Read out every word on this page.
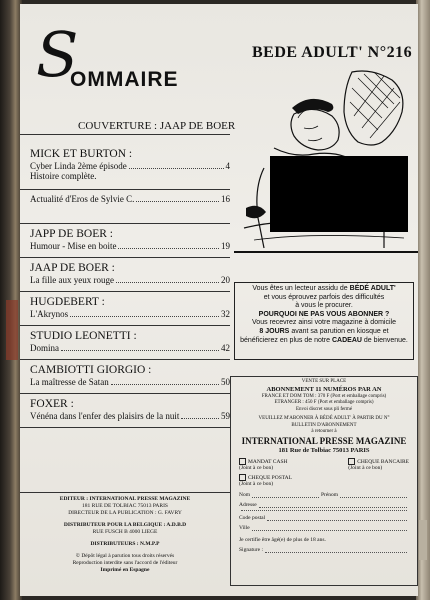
S
OMMAIRE
BEDE ADULT' N°216
COUVERTURE : JAAP DE BOER
MICK ET BURTON :
Cyber Linda 2ème épisode	4
Histoire complète.
Actualité d'Eros de Sylvie C.	16
JAPP DE BOER :
Humour - Mise en boite	19
JAAP DE BOER :
La fille aux yeux rouge	20
HUGDEBERT :
L'Akrynos	32
STUDIO LEONETTI :
Domina	42
CAMBIOTTI GIORGIO :
La maîtresse de Satan	50
FOXER :
Vénéna dans l'enfer des plaisirs de la nuit	59
Vous êtes un lecteur assidu de BÉDÉ ADULT'
et vous éprouvez parfois des difficultés
à vous le procurer.
POURQUOI NE PAS VOUS ABONNER ?
Vous recevrez ainsi votre magazine à domicile
8 JOURS avant sa parution en kiosque et
bénéficierez en plus de notre CADEAU de bienvenue.
VENTE SUR PLACE
ABONNEMENT 11 NUMÉROS PAR AN
FRANCE ET DOM TOM : 370 F (Port et emballage compris)
ETRANGER : 450 F (Port et emballage compris)
Envoi discret sous pli fermé
VEUILLEZ M'ABONNER À BÉDÉ ADULT' À PARTIR DU N°
BULLETIN D'ABONNEMENT
à retourner à
INTERNATIONAL PRESSE MAGAZINE
181 Rue de Tolbiac 75013 PARIS
MANDAT CASH
(Joint à ce bon)
CHEQUE BANCAIRE
(Joint à ce bon)
CHEQUE POSTAL
(Joint à ce bon)
Nom	Prénom
Adresse
Code postal
Ville
Je certifie être âgé(e) de plus de 18 ans.
Signature :
EDITEUR : INTERNATIONAL PRESSE MAGAZINE
181 RUE DE TOLBIAC 75013 PARIS
DIRECTEUR DE LA PUBLICATION : G. FAVRY
DISTRIBUTEUR POUR LA BELGIQUE : A.D.B.D
RUE FUSCH B 4000 LIEGE
DISTRIBUTEURS : N.M.P.P
© Dépôt légal à parution tous droits réservés
Reproduction interdite sans l'accord de l'éditeur
Imprimé en Espagne
